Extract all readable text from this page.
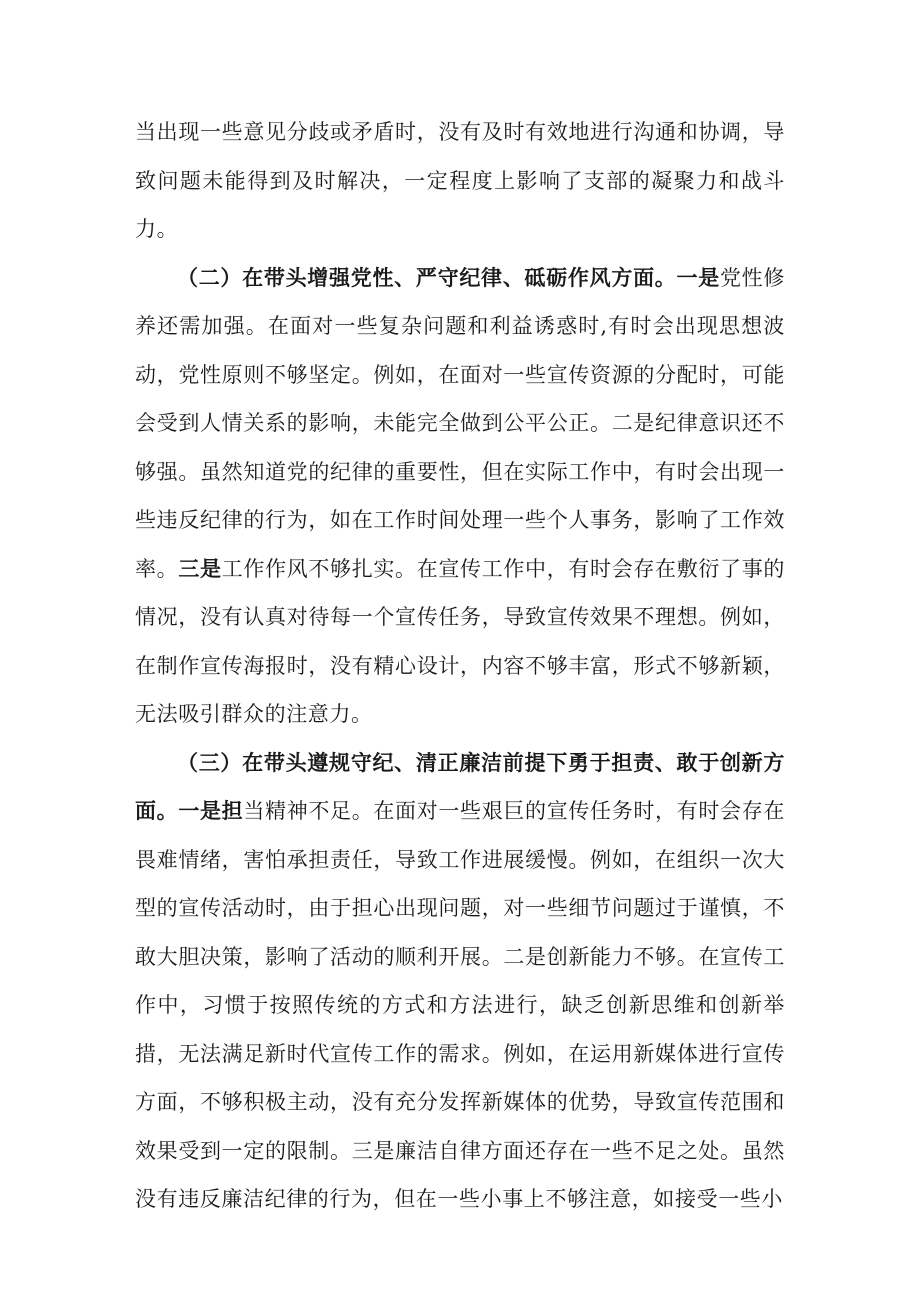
当出现一些意见分歧或矛盾时，没有及时有效地进行沟通和协调，导致问题未能得到及时解决，一定程度上影响了支部的凝聚力和战斗力。

（二）在带头增强党性、严守纪律、砥砺作风方面。一是党性修养还需加强。在面对一些复杂问题和利益诱惑时,有时会出现思想波动，党性原则不够坚定。例如，在面对一些宣传资源的分配时，可能会受到人情关系的影响，未能完全做到公平公正。二是纪律意识还不够强。虽然知道党的纪律的重要性，但在实际工作中，有时会出现一些违反纪律的行为，如在工作时间处理一些个人事务，影响了工作效率。三是工作作风不够扎实。在宣传工作中，有时会存在敷衍了事的情况，没有认真对待每一个宣传任务，导致宣传效果不理想。例如，在制作宣传海报时，没有精心设计，内容不够丰富，形式不够新颖，无法吸引群众的注意力。

（三）在带头遵规守纪、清正廉洁前提下勇于担责、敢于创新方面。一是担当精神不足。在面对一些艰巨的宣传任务时，有时会存在畏难情绪，害怕承担责任，导致工作进展缓慢。例如，在组织一次大型的宣传活动时，由于担心出现问题，对一些细节问题过于谨慎，不敢大胆决策，影响了活动的顺利开展。二是创新能力不够。在宣传工作中，习惯于按照传统的方式和方法进行，缺乏创新思维和创新举措，无法满足新时代宣传工作的需求。例如，在运用新媒体进行宣传方面，不够积极主动，没有充分发挥新媒体的优势，导致宣传范围和效果受到一定的限制。三是廉洁自律方面还存在一些不足之处。虽然没有违反廉洁纪律的行为，但在一些小事上不够注意，如接受一些小
